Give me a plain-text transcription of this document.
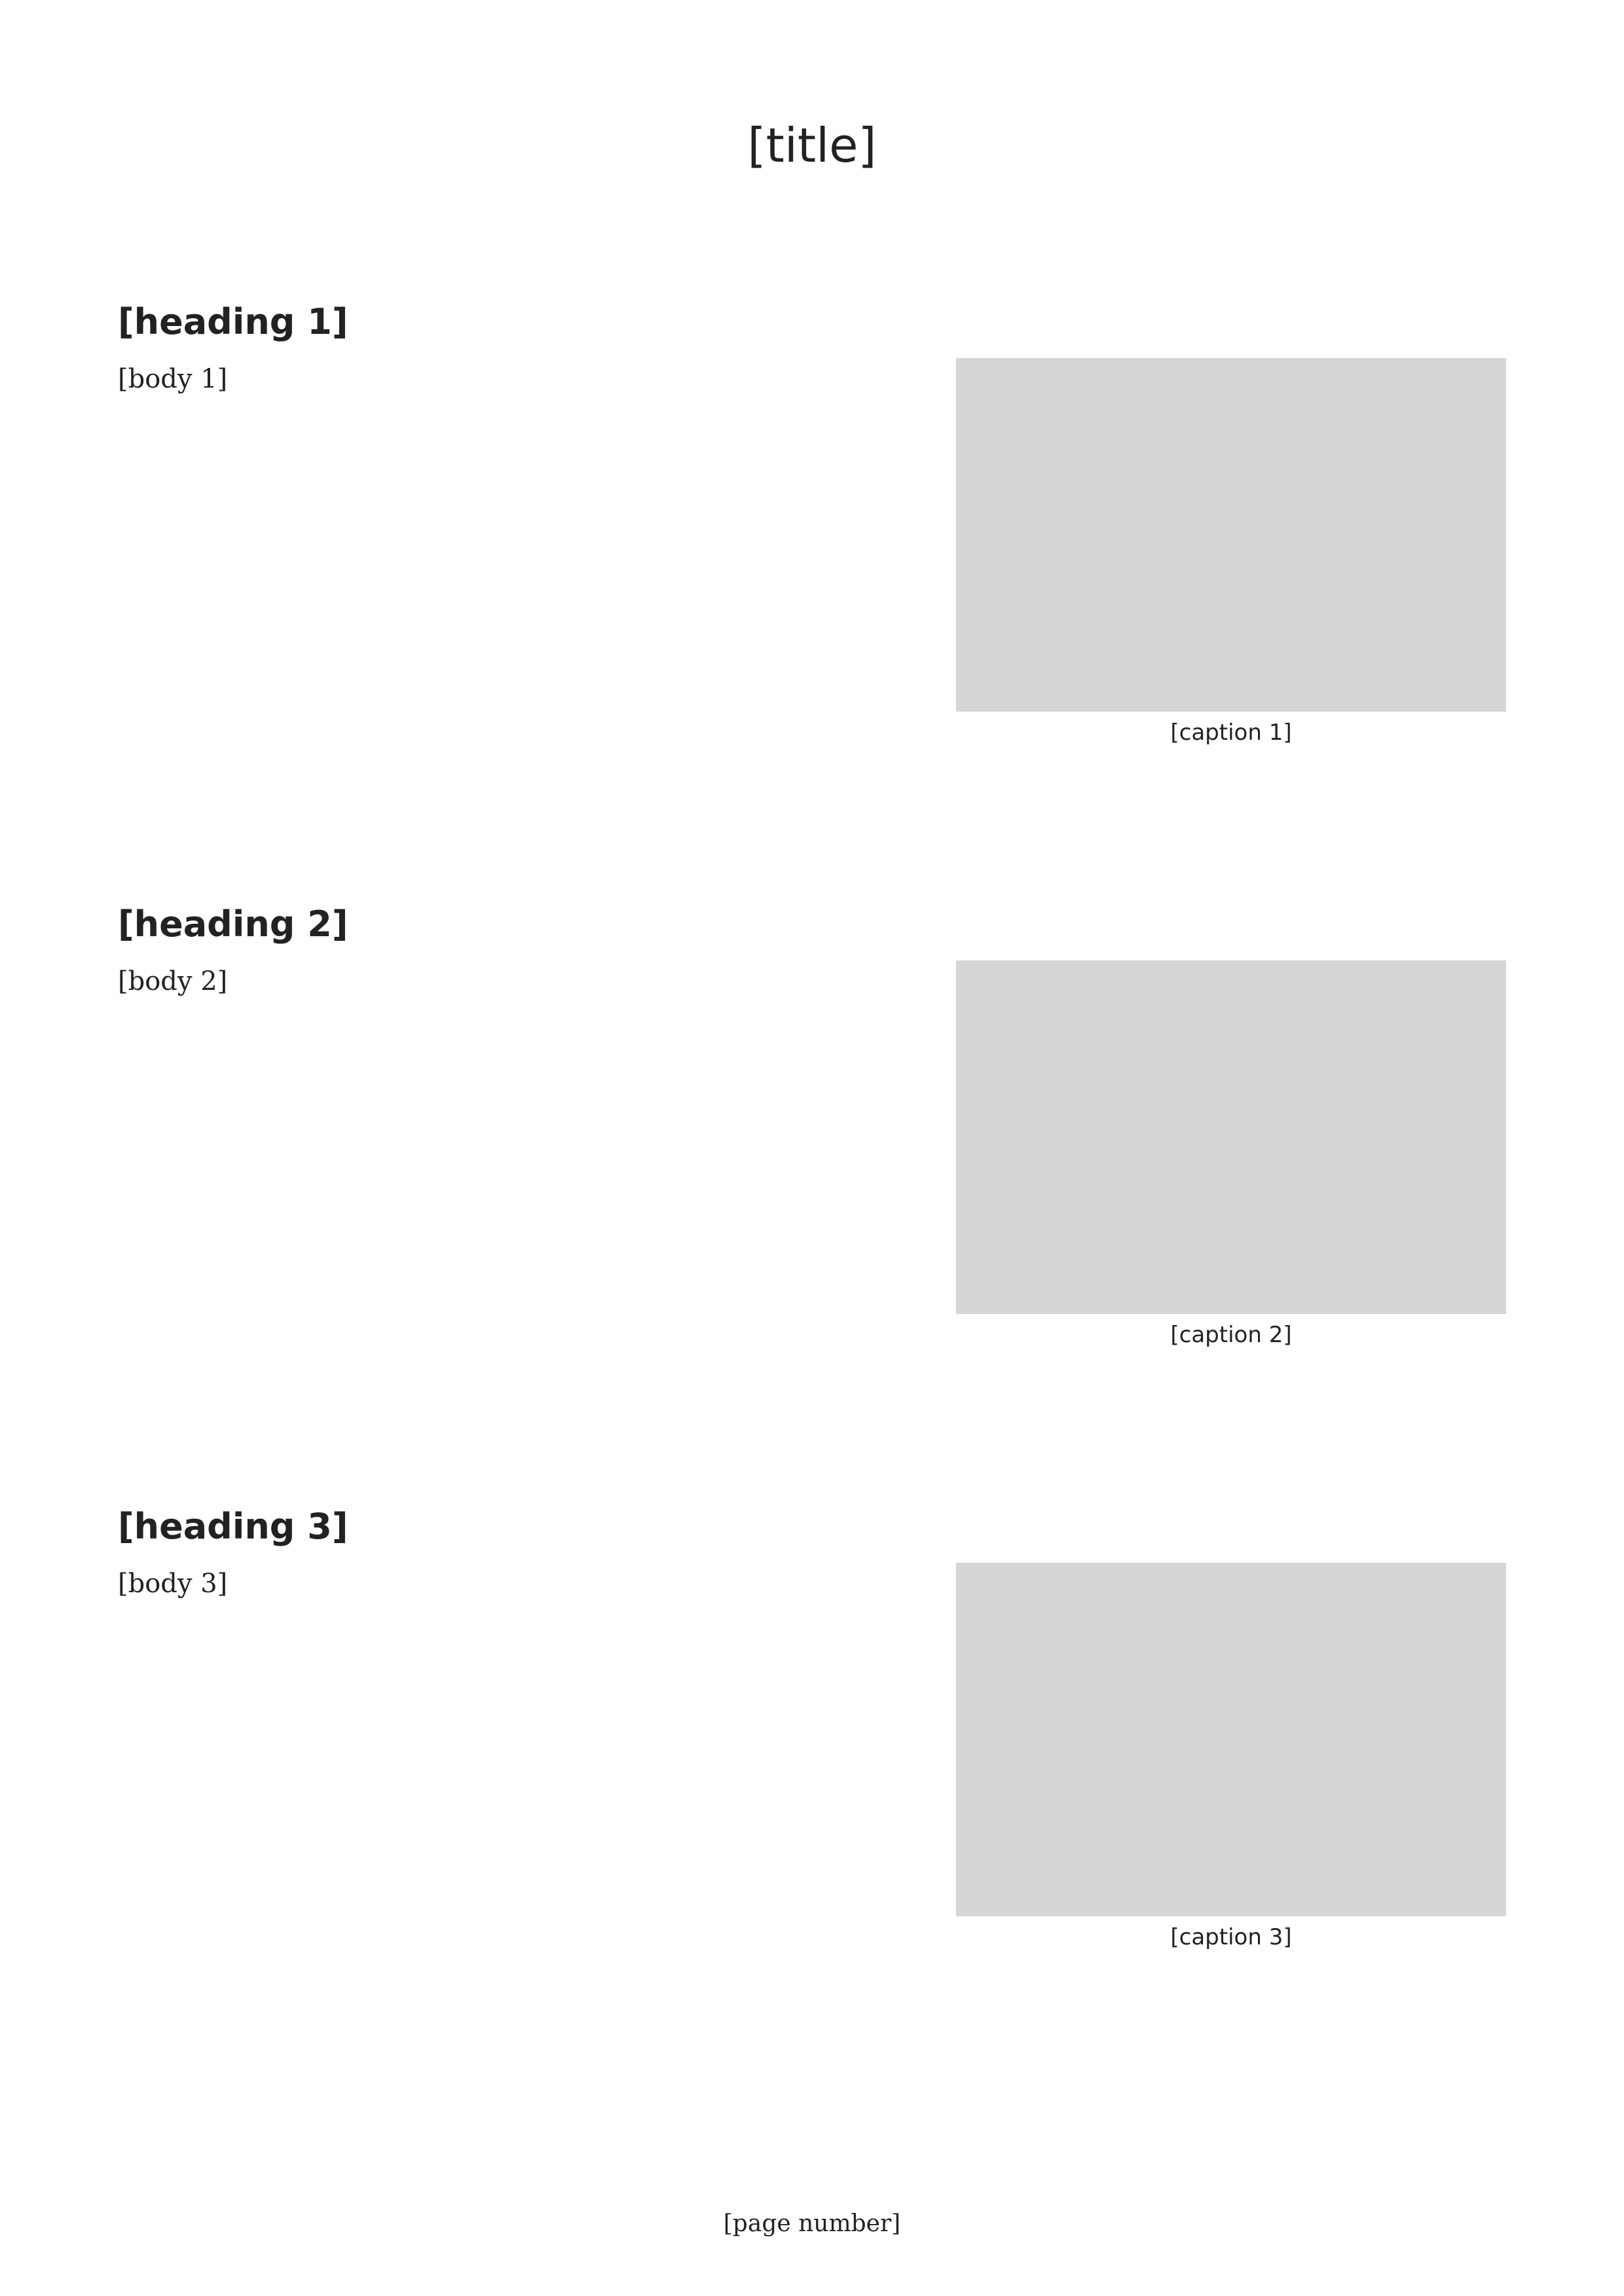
[title]
[heading 1]
[body 1]
[caption 1]
[heading 2]
[body 2]
[caption 2]
[heading 3]
[body 3]
[caption 3]
[page number]
